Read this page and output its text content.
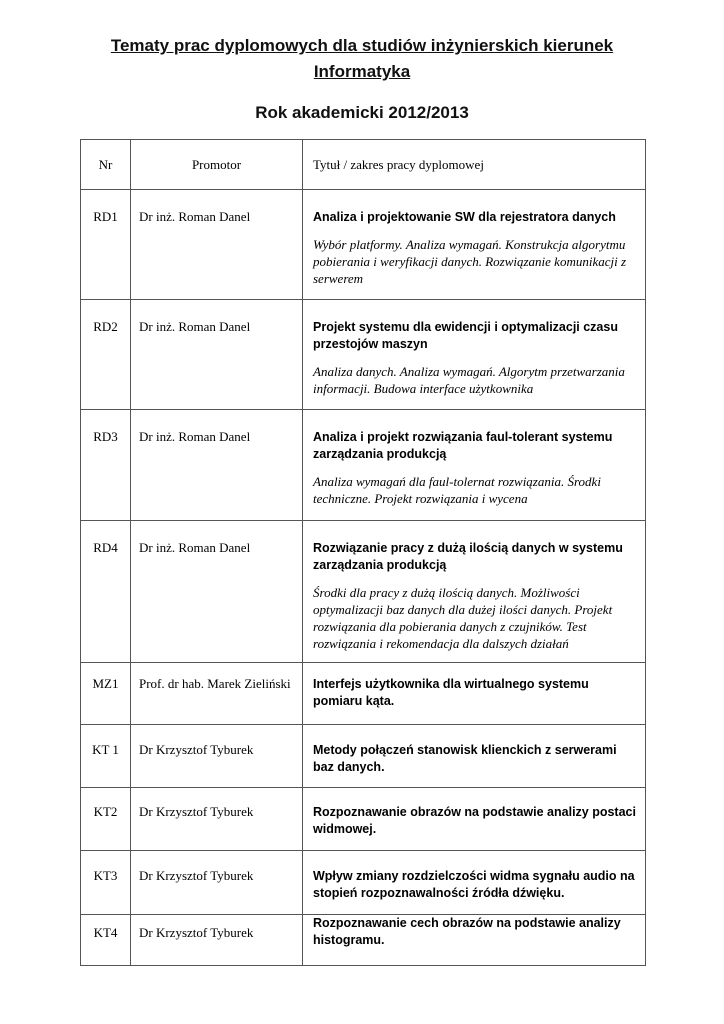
Tematy prac dyplomowych dla studiów inżynierskich kierunek
Informatyka
Rok akademicki 2012/2013
Nr	Promotor	Tytuł / zakres pracy dyplomowej
RD1	Dr inż. Roman Danel	Analiza i projektowanie SW dla rejestratora danych
Wybór platformy. Analiza wymagań. Konstrukcja algorytmu pobierania i weryfikacji danych. Rozwiązanie komunikacji z serwerem

RD2	Dr inż. Roman Danel	Projekt systemu dla ewidencji i optymalizacji czasu przestojów maszyn
Analiza danych. Analiza wymagań. Algorytm przetwarzania informacji. Budowa interface użytkownika

RD3	Dr inż. Roman Danel	Analiza i projekt rozwiązania faul-tolerant systemu zarządzania produkcją
Analiza wymagań dla faul-tolernat rozwiązania. Środki techniczne. Projekt rozwiązania i wycena

RD4	Dr inż. Roman Danel	Rozwiązanie pracy z dużą ilością danych w systemu zarządzania produkcją
Środki dla pracy z dużą ilością danych. Możliwości optymalizacji baz danych dla dużej ilości danych. Projekt rozwiązania dla pobierania danych z czujników. Test rozwiązania i rekomendacja dla dalszych działań

MZ1	Prof. dr hab. Marek Zieliński	Interfejs użytkownika dla wirtualnego systemu pomiaru kąta.

KT 1	Dr Krzysztof Tyburek	Metody połączeń stanowisk klienckich z serwerami baz danych.

KT2	Dr Krzysztof Tyburek	Rozpoznawanie obrazów na podstawie analizy postaci widmowej.

KT3	Dr Krzysztof Tyburek	Wpływ zmiany rozdzielczości widma sygnału audio na stopień rozpoznawalności źródła dźwięku.

KT4	Dr Krzysztof Tyburek	Rozpoznawanie cech obrazów na podstawie analizy histogramu.
